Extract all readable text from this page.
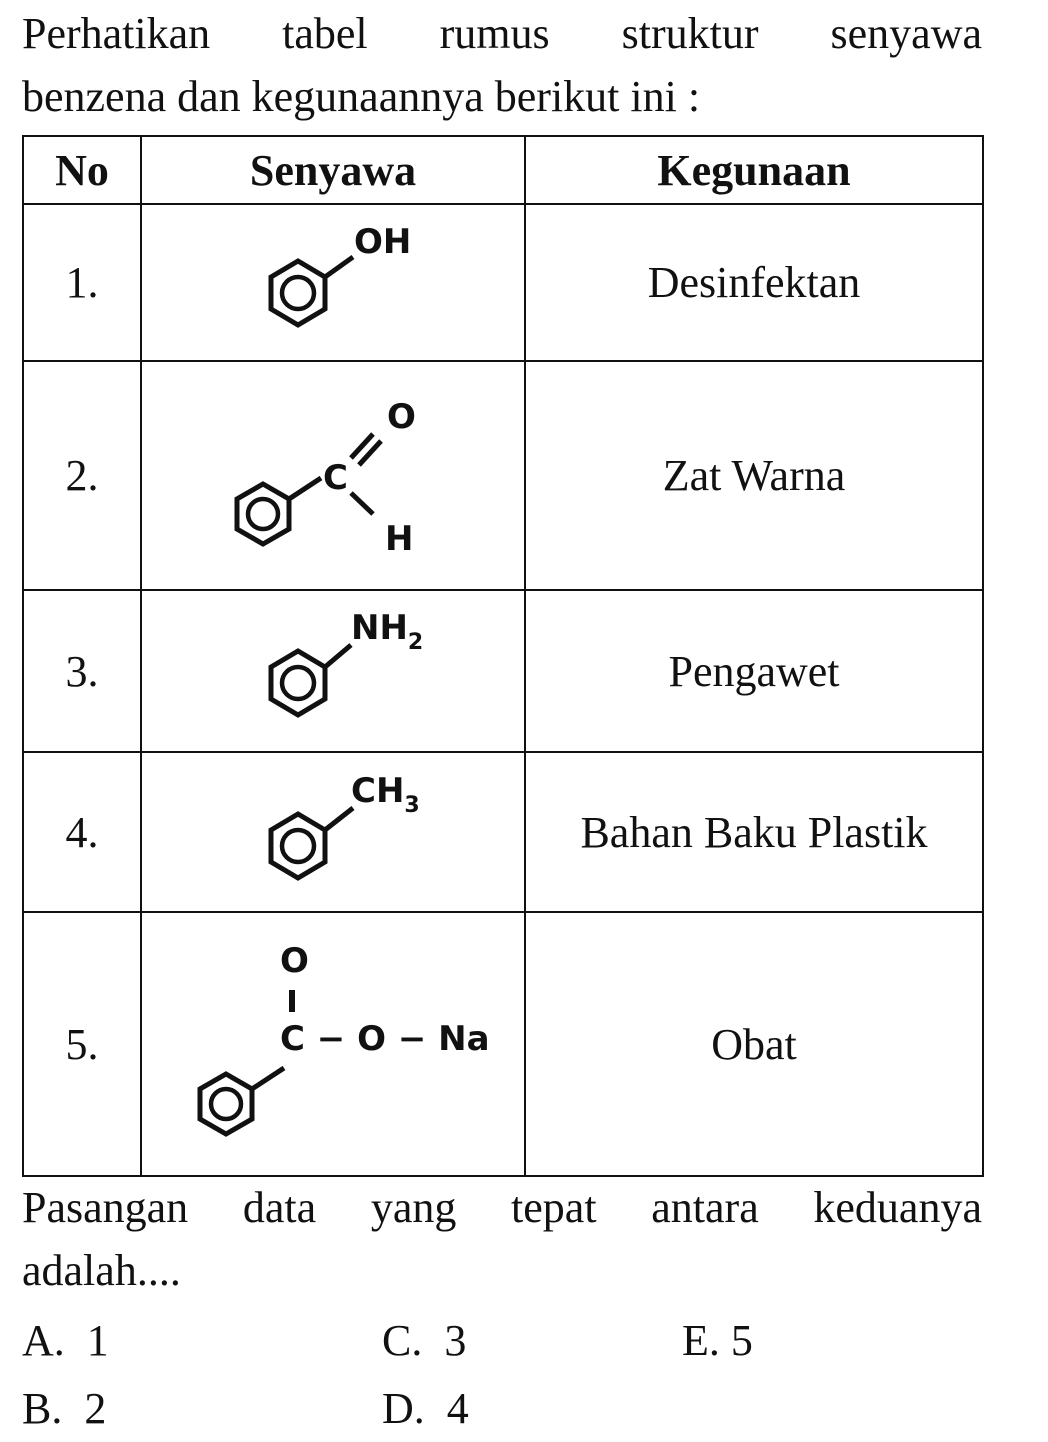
Perhatikan tabel rumus struktur senyawa
benzena dan kegunaannya berikut ini :

No	Senyawa	Kegunaan
1.	OH	Desinfektan
2.	C
O
H	Zat Warna
3.	$NH_2$	Pengawet
4.	$CH_3$	Bahan Baku Plastik
5.	O
C − O − Na	Obat

Pasangan data yang tepat antara keduanya
adalah....

A. 1
B. 2
C. 3
D. 4
E. 5
